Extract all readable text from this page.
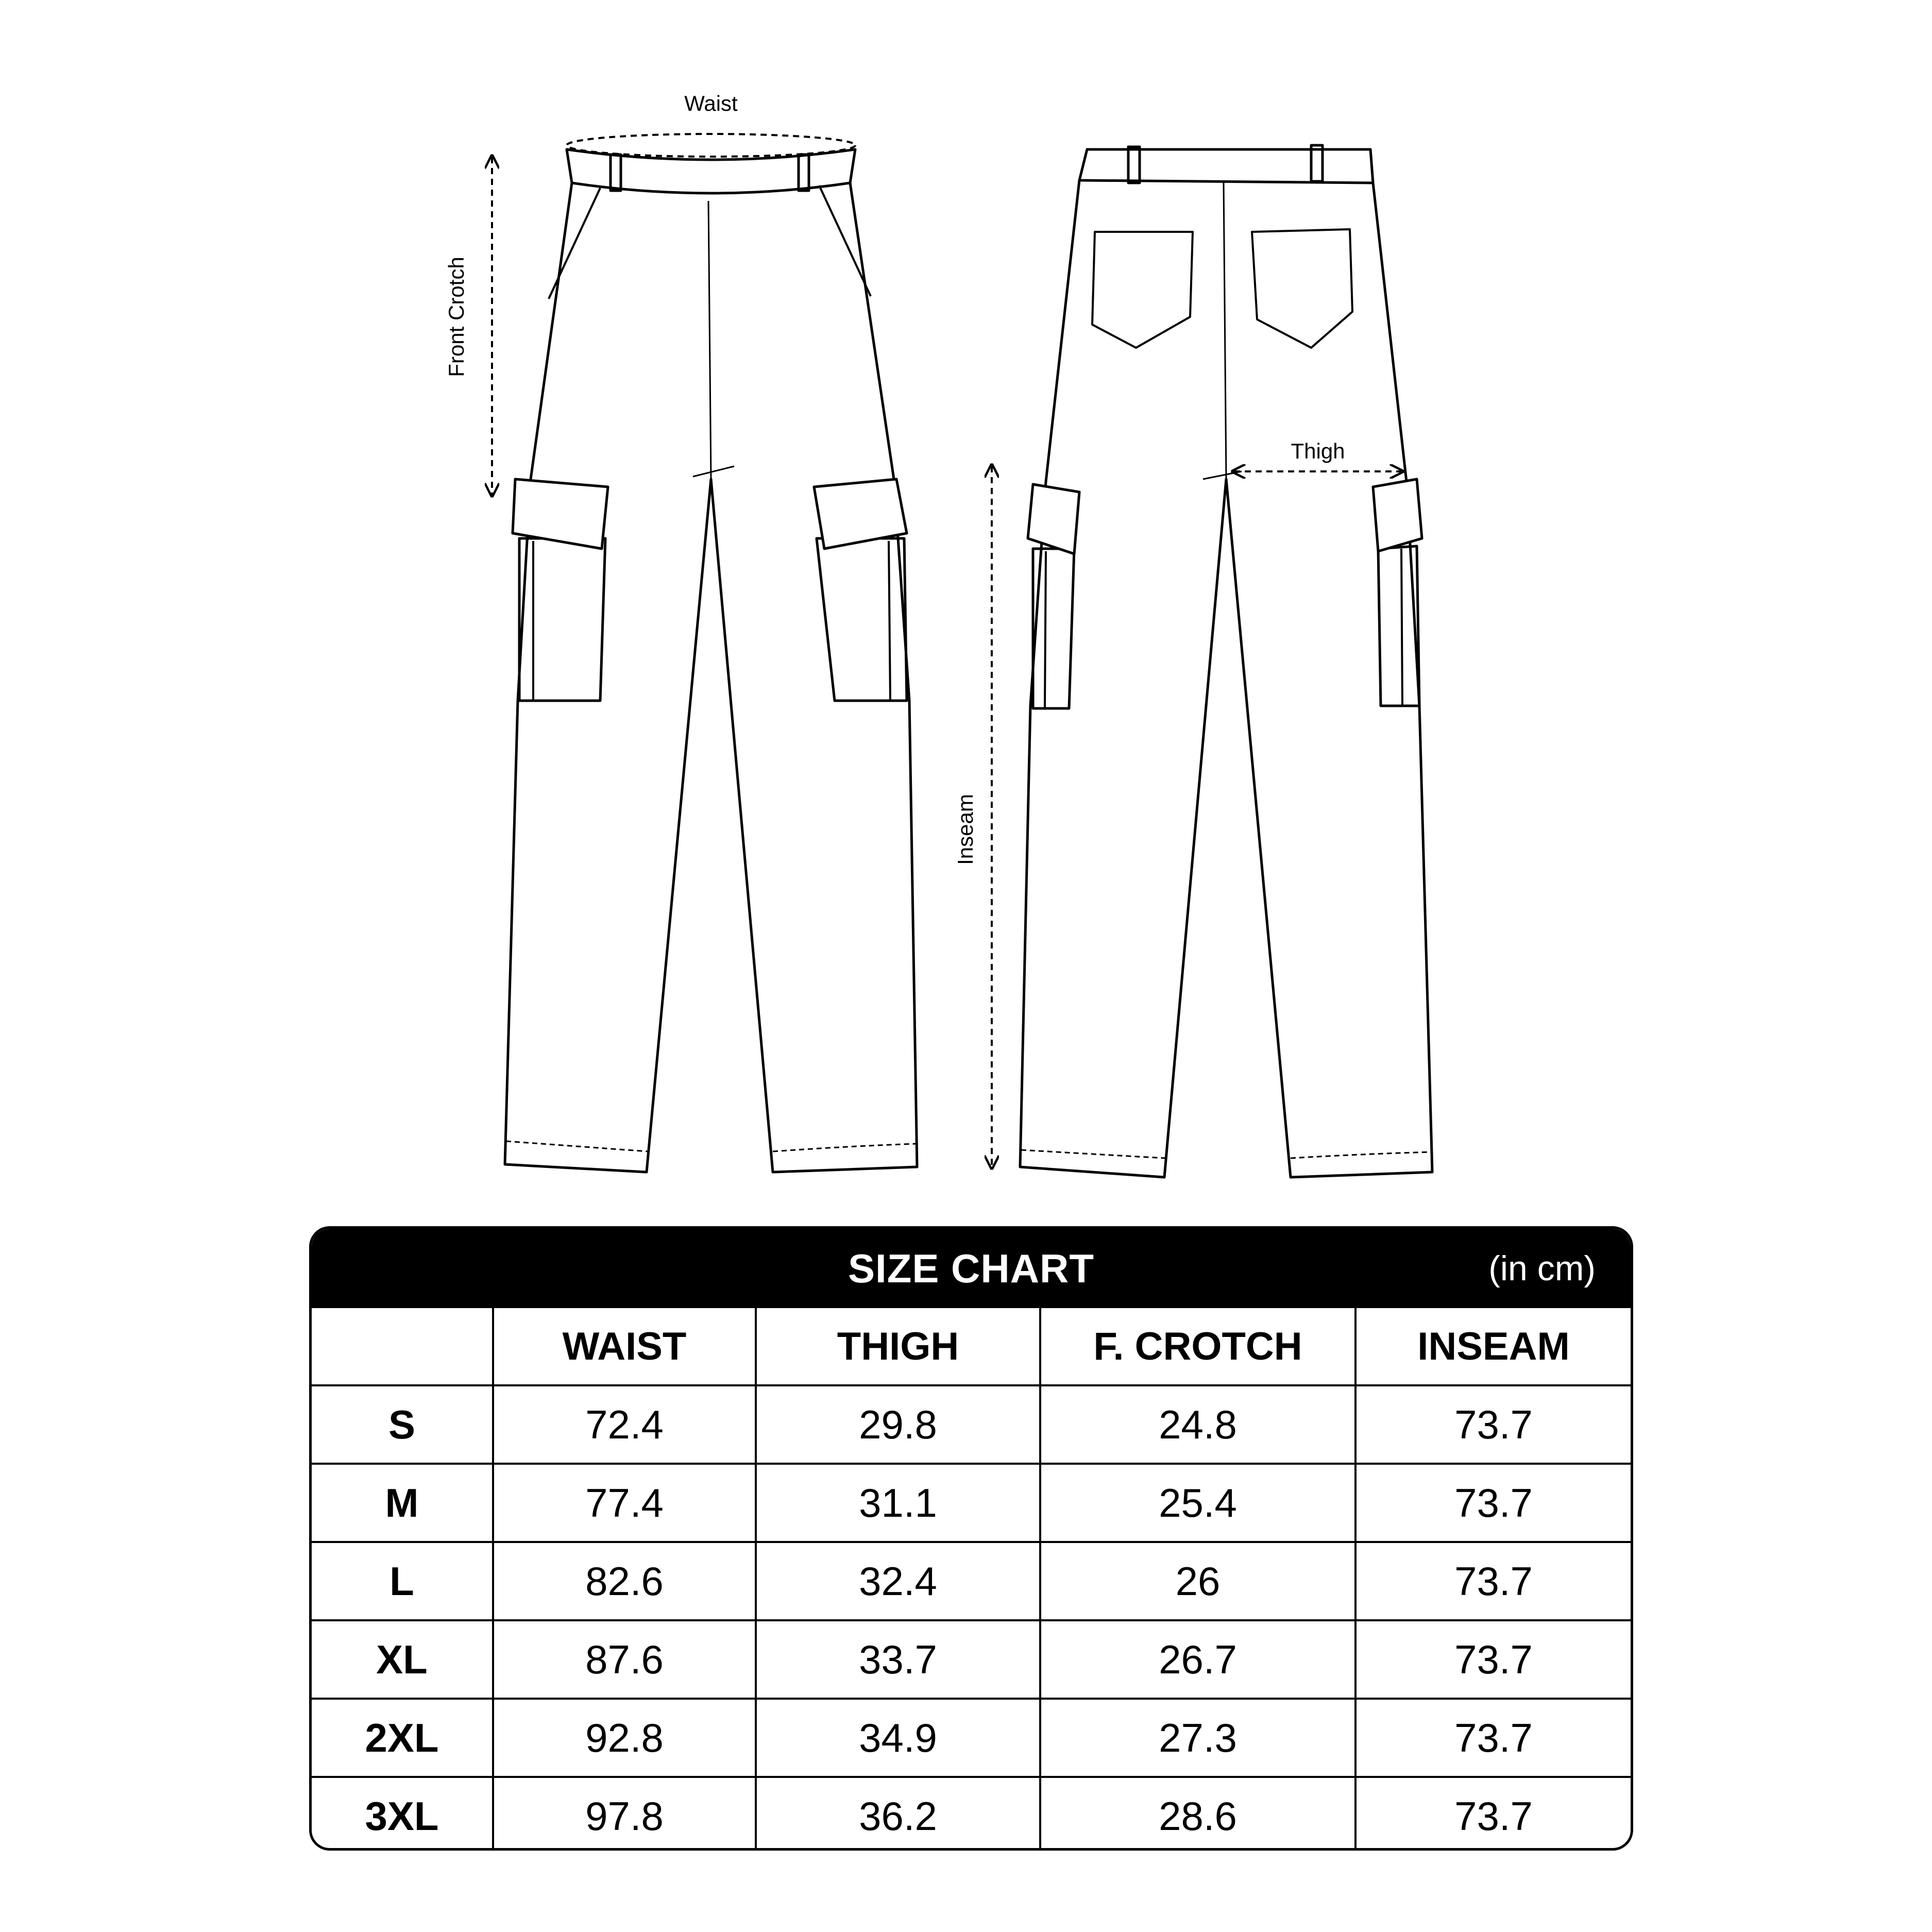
Waist
Front Crotch
Thigh
Inseam
SIZE CHART	(in cm)
	WAIST	THIGH	F. CROTCH	INSEAM
S	72.4	29.8	24.8	73.7
M	77.4	31.1	25.4	73.7
L	82.6	32.4	26	73.7
XL	87.6	33.7	26.7	73.7
2XL	92.8	34.9	27.3	73.7
3XL	97.8	36.2	28.6	73.7
